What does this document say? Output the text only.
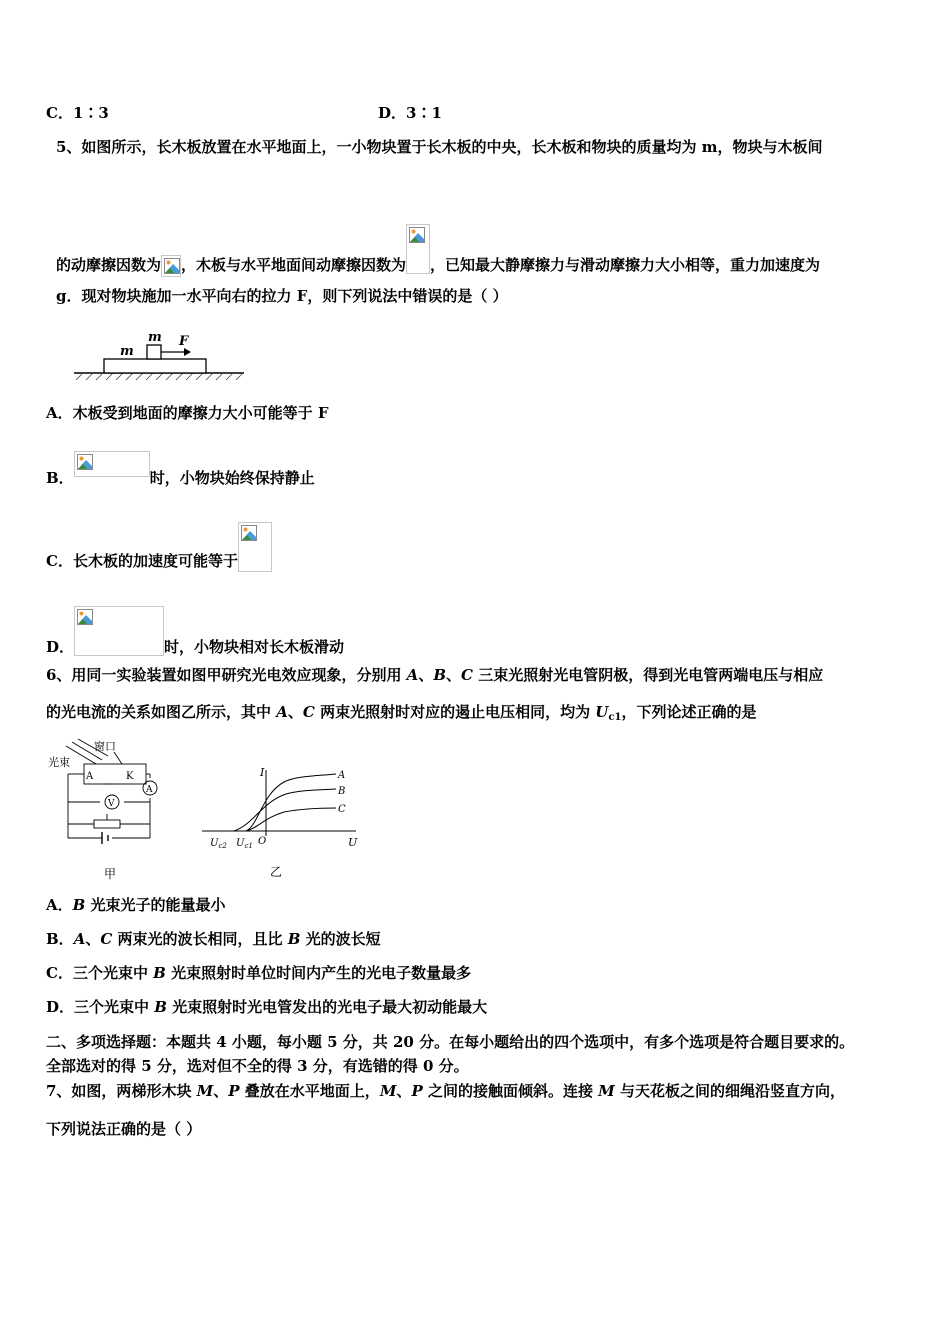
C．1∶3	D．3∶1
5、如图所示，长木板放置在水平地面上，一小物块置于长木板的中央，长木板和物块的质量均为 m，物块与木板间
的动摩擦因数为 ，木板与水平地面间动摩擦因数为 ，已知最大静摩擦力与滑动摩擦力大小相等，重力加速度为
g．现对物块施加一水平向右的拉力 F，则下列说法中错误的是（ ）
m F
m
A．木板受到地面的摩擦力大小可能等于 F
B．	时，小物块始终保持静止
C．长木板的加速度可能等于
D．	时，小物块相对长木板滑动
6、用同一实验装置如图甲研究光电效应现象，分别用 A、B、C 三束光照射光电管阴极，得到光电管两端电压与相应
的光电流的关系如图乙所示，其中 A、C 两束光照射时对应的遏止电压相同，均为 $U_{c1}$，下列论述正确的是
窗口
光束
A	K
V
A
甲
I
U
O
$U_{c2}$ $U_{c1}$
A
B
C
乙
A．B 光束光子的能量最小
B．A、C 两束光的波长相同，且比 B 光的波长短
C．三个光束中 B 光束照射时单位时间内产生的光电子数量最多
D．三个光束中 B 光束照射时光电管发出的光电子最大初动能最大
二、多项选择题：本题共 4 小题，每小题 5 分，共 20 分。在每小题给出的四个选项中，有多个选项是符合题目要求的。
全部选对的得 5 分，选对但不全的得 3 分，有选错的得 0 分。
7、如图，两梯形木块 M、P 叠放在水平地面上，M、P 之间的接触面倾斜。连接 M 与天花板之间的细绳沿竖直方向，
下列说法正确的是（ ）
